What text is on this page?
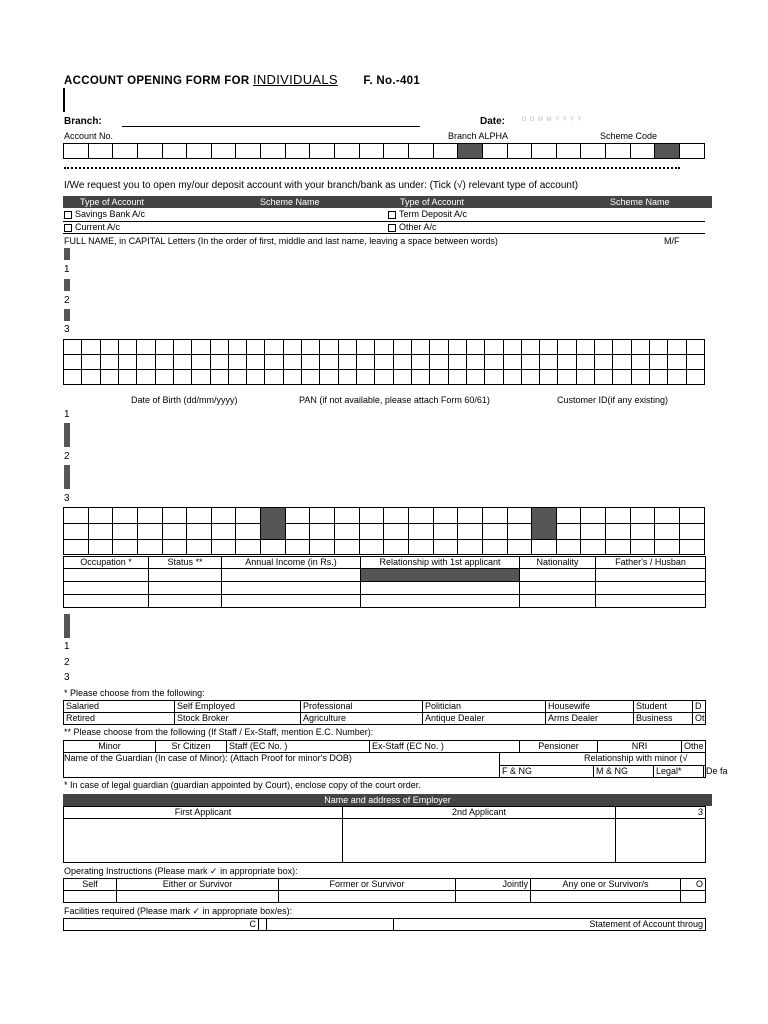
ACCOUNT OPENING FORM FOR INDIVIDUALS F. No.-401
Branch:	Date:	D D M M Y Y Y Y
Account No.	Branch ALPHA	Scheme Code

I/We request you to open my/our deposit account with your branch/bank as under: (Tick (√) relevant type of account)
Type of Account	Scheme Name	Type of Account	Scheme Name
Savings Bank A/c	Term Deposit A/c
Current A/c	Other A/c
FULL NAME, in CAPITAL Letters (In the order of first, middle and last name, leaving a space between words)	M/F
1
2
3

Date of Birth (dd/mm/yyyy)	PAN (if not available, please attach Form 60/61)	Customer ID(if any existing)
1
2
3

Occupation *	Status **	Annual Income (in Rs.)	Relationship with 1st applicant	Nationality	Father's / Husban

1
2
3
* Please choose from the following:
Salaried	Self Employed	Professional	Politician	Housewife	Student	D
Retired	Stock Broker	Agriculture	Antique Dealer	Arms Dealer	Business	Ot
** Please choose from the following (If Staff / Ex-Staff, mention E.C. Number):
Minor	Sr Citizen	Staff (EC No. )	Ex-Staff (EC No. )	Pensioner	NRI	Othe
Name of the Guardian (In case of Minor): (Attach Proof for minor's DOB)	Relationship with minor (√
F & NG	M & NG	Legal*	De fa
* In case of legal guardian (guardian appointed by Court), enclose copy of the court order.
Name and address of Employer
First Applicant	2nd Applicant	3

Operating Instructions (Please mark ✓ in appropriate box):
Self	Either or Survivor	Former or Survivor	Jointly	Any one or Survivor/s	O

Facilities required (Please mark ✓ in appropriate box/es):
C			Statement of Account throug
